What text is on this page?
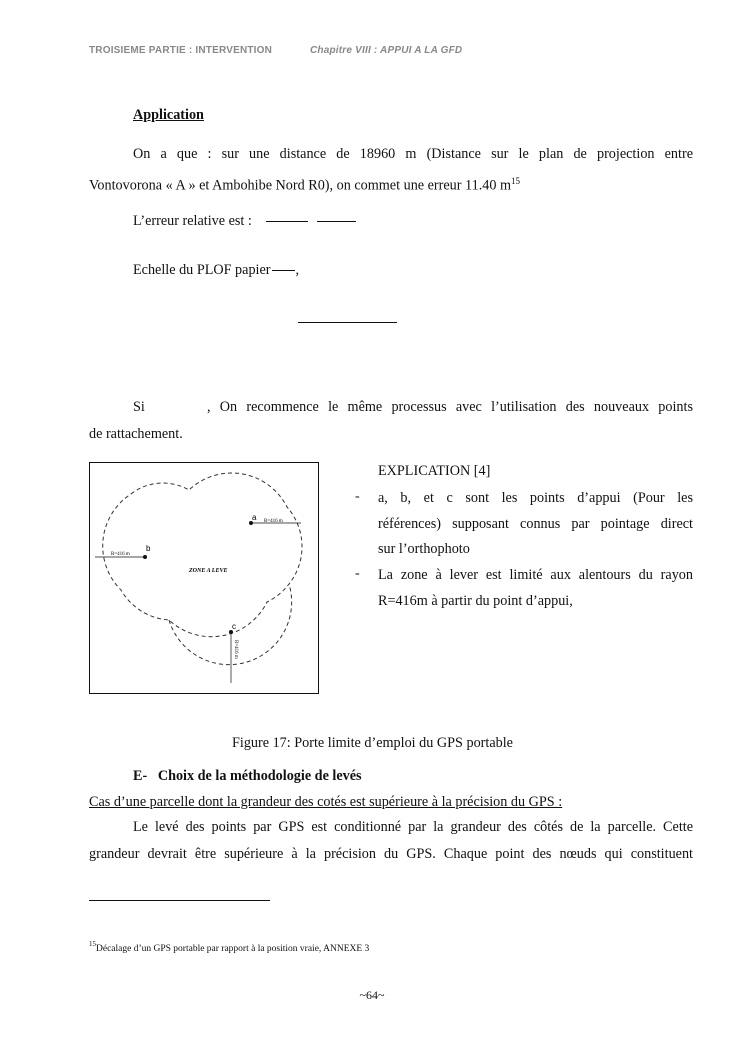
TROISIEME PARTIE : INTERVENTION	Chapitre VIII : APPUI A LA GFD
Application
On a que : sur une distance de 18960 m (Distance sur le plan de projection entre
Vontovorona « A » et Ambohibe Nord R0), on commet une erreur 11.40 $m^{15}$
L’erreur relative est :
Echelle du PLOF papier ,
Si	, On recommence le même processus avec l’utilisation des nouveaux points
de rattachement.
a R=416 m
b
R=416 m
ZONE A LEVE
c
R=416 m
EXPLICATION [4]
- a, b, et c sont les points d’appui (Pour les
références) supposant connus par pointage direct
sur l’orthophoto
- La zone à lever est limité aux alentours du rayon
R=416m à partir du point d’appui,
Figure 17: Porte limite d’emploi du GPS portable
E- Choix de la méthodologie de levés
Cas d’une parcelle dont la grandeur des cotés est supérieure à la précision du GPS :
Le levé des points par GPS est conditionné par la grandeur des côtés de la parcelle. Cette
grandeur devrait être supérieure à la précision du GPS. Chaque point des nœuds qui constituent
$^{15}$Décalage d’un GPS portable par rapport à la position vraie, ANNEXE 3
~64~
